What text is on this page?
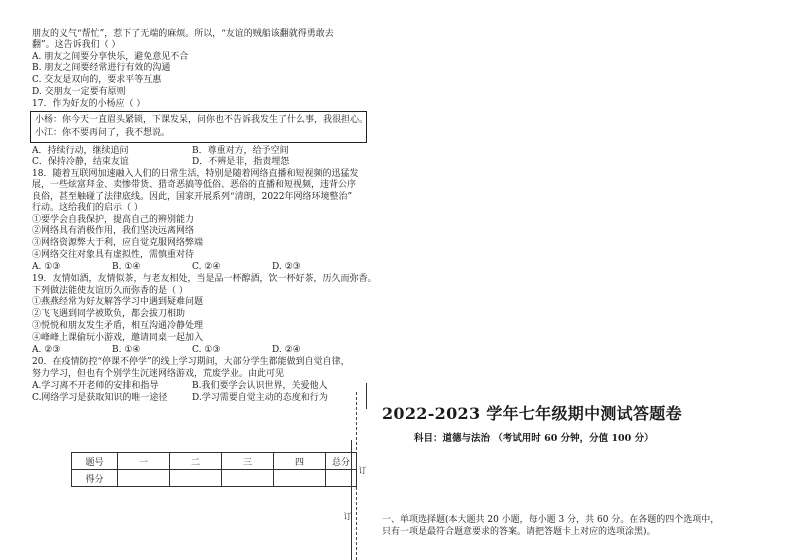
朋友的义气“帮忙”，惹下了无端的麻烦。所以，“友谊的贼船该翻就得勇敢去
翻”。这告诉我们（ ）
A. 朋友之间要分享快乐，避免意见不合
B. 朋友之间要经常进行有效的沟通
C. 交友是双向的，要求平等互惠
D. 交朋友一定要有原则
17．作为好友的小杨应（ ）
A．持续行动，继续追问	B．尊重对方，给予空间
C．保持冷静，结束友谊	D．不辨是非，指责埋怨
18．随着互联网加速融入人们的日常生活，特别是随着网络直播和短视频的迅猛发
展，一些炫富拜金、卖惨带货、猎奇恶搞等低俗、恶俗的直播和短视频，违背公序
良俗，甚至触碰了法律底线。因此，国家开展系列“清朗，2022年网络环境整治”
行动。这给我们的启示（ ）
①要学会自我保护，提高自己的辨别能力
②网络具有消极作用，我们坚决远离网络
③网络资源弊大于利，应自觉克服网络弊端
④网络交往对象具有虚拟性，需慎重对待
A. ①③	B. ①④	C. ②④	D. ②③
19．友情如酒，友情似茶，与老友相处，当是品一杯醇酒，饮一杯好茶，历久而弥香。
下列做法能使友谊历久而弥香的是（ ）
①燕燕经常为好友解答学习中遇到疑难问题
②飞飞遇到同学被欺负，都会拔刀相助
③悦悦和朋友发生矛盾，相互沟通冷静处理
④峰峰上课偷玩小游戏，邀请同桌一起加入
A. ②③	B. ①④	C. ①③	D. ②④
20．在疫情防控“停课不停学”的线上学习期间，大部分学生都能做到自觉自律，
努力学习，但也有个别学生沉迷网络游戏，荒废学业。由此可见
A.学习离不开老师的安排和指导	B.我们要学会认识世界，关爱他人
C.网络学习是获取知识的唯一途径	D.学习需要自觉主动的态度和行为
小杨：你今天一直眉头紧锁，下课发呆，问你也不告诉我发生了什么事，我很担心。
小江：你不要再问了，我不想说。
题号	一	二	三	四	总分
得分					
订
订
2022-2023 学年七年级期中测试答题卷
科目：道德与法治 （考试用时 60 分钟，分值 100 分）
一、单项选择题(本大题共 20 小题，每小题 3 分，共 60 分。在各题的四个选项中，只有一项是最符合题意要求的答案。请把答题卡上对应的选项涂黑)。
